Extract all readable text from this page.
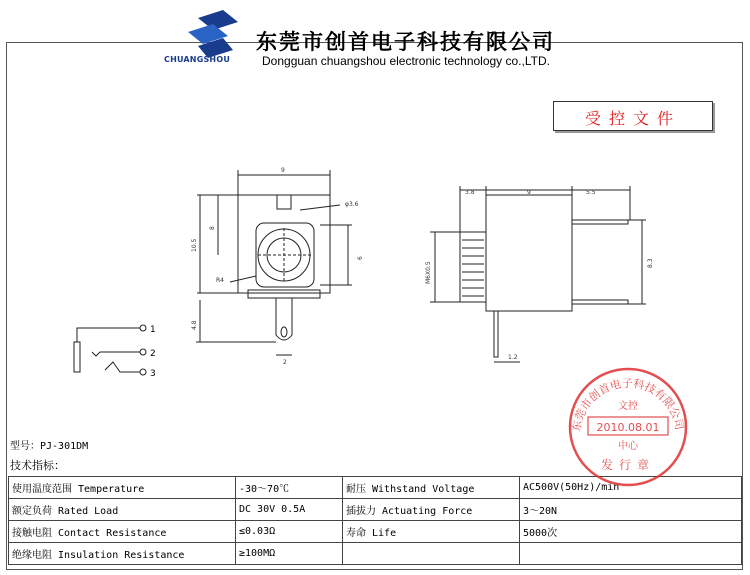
CHUANGSHOU
东莞市创首电子科技有限公司
Dongguan chuangshou electronic technology co.,LTD.
受控文件
9
φ3.6
8
10.5
6
R4
4.8
2
3.8	9	5.5
M6X0.5	8.3
1.2
1
2
3
型号：PJ-301DM
技术指标：
使用温度范围 Temperature	-30～70℃	耐压 Withstand Voltage	AC500V(50Hz)/min
额定负荷 Rated Load	DC 30V 0.5A	插拔力 Actuating Force	3～20N
接触电阻 Contact Resistance	≤0.03Ω	寿命 Life	5000次
绝缘电阻 Insulation Resistance	≥100MΩ		
东莞市创首电子科技有限公司
文控
2010.08.01
中心
发行章
